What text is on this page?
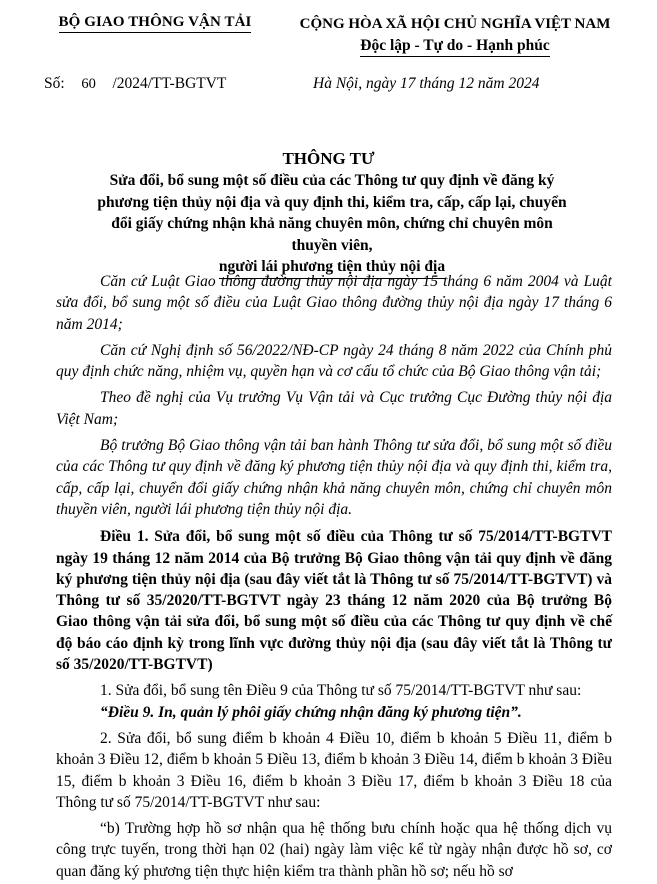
BỘ GIAO THÔNG VẬN TẢI	CỘNG HÒA XÃ HỘI CHỦ NGHĨA VIỆT NAM
Độc lập - Tự do - Hạnh phúc
Số: 60 /2024/TT-BGTVT	Hà Nội, ngày 17 tháng 12 năm 2024
THÔNG TƯ
Sửa đổi, bổ sung một số điều của các Thông tư quy định về đăng ký phương tiện thủy nội địa và quy định thi, kiểm tra, cấp, cấp lại, chuyển đổi giấy chứng nhận khả năng chuyên môn, chứng chỉ chuyên môn thuyền viên,
người lái phương tiện thủy nội địa

Căn cứ Luật Giao thông đường thủy nội địa ngày 15 tháng 6 năm 2004 và Luật sửa đổi, bổ sung một số điều của Luật Giao thông đường thủy nội địa ngày 17 tháng 6 năm 2014;

Căn cứ Nghị định số 56/2022/NĐ-CP ngày 24 tháng 8 năm 2022 của Chính phủ quy định chức năng, nhiệm vụ, quyền hạn và cơ cấu tổ chức của Bộ Giao thông vận tải;

Theo đề nghị của Vụ trưởng Vụ Vận tải và Cục trưởng Cục Đường thủy nội địa Việt Nam;

Bộ trưởng Bộ Giao thông vận tải ban hành Thông tư sửa đổi, bổ sung một số điều của các Thông tư quy định về đăng ký phương tiện thủy nội địa và quy định thi, kiểm tra, cấp, cấp lại, chuyển đổi giấy chứng nhận khả năng chuyên môn, chứng chỉ chuyên môn thuyền viên, người lái phương tiện thủy nội địa.

Điều 1. Sửa đổi, bổ sung một số điều của Thông tư số 75/2014/TT-BGTVT ngày 19 tháng 12 năm 2014 của Bộ trưởng Bộ Giao thông vận tải quy định về đăng ký phương tiện thủy nội địa (sau đây viết tắt là Thông tư số 75/2014/TT-BGTVT) và Thông tư số 35/2020/TT-BGTVT ngày 23 tháng 12 năm 2020 của Bộ trưởng Bộ Giao thông vận tải sửa đổi, bổ sung một số điều của các Thông tư quy định về chế độ báo cáo định kỳ trong lĩnh vực đường thủy nội địa (sau đây viết tắt là Thông tư số 35/2020/TT-BGTVT)

1. Sửa đổi, bổ sung tên Điều 9 của Thông tư số 75/2014/TT-BGTVT như sau:

“Điều 9. In, quản lý phôi giấy chứng nhận đăng ký phương tiện”.

2. Sửa đổi, bổ sung điểm b khoản 4 Điều 10, điểm b khoản 5 Điều 11, điểm b khoản 3 Điều 12, điểm b khoản 5 Điều 13, điểm b khoản 3 Điều 14, điểm b khoản 3 Điều 15, điểm b khoản 3 Điều 16, điểm b khoản 3 Điều 17, điểm b khoản 3 Điều 18 của Thông tư số 75/2014/TT-BGTVT như sau:

“b) Trường hợp hồ sơ nhận qua hệ thống bưu chính hoặc qua hệ thống dịch vụ công trực tuyến, trong thời hạn 02 (hai) ngày làm việc kể từ ngày nhận được hồ sơ, cơ quan đăng ký phương tiện thực hiện kiểm tra thành phần hồ sơ; nếu hồ sơ
